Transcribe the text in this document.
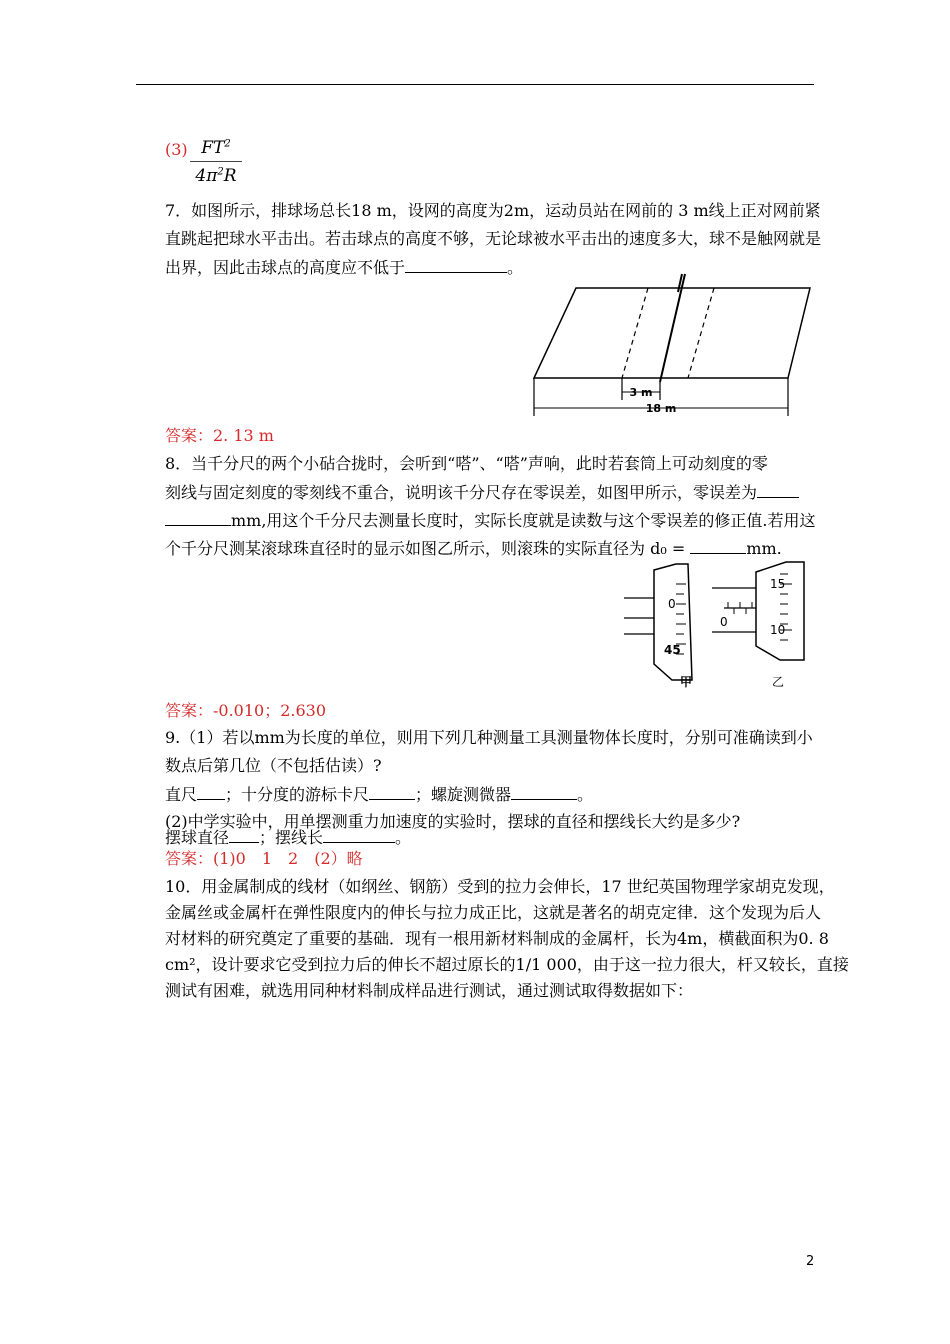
$(3) \frac{FT^2}{4\pi^2R}$
7．如图所示，排球场总长18 m，设网的高度为2m，运动员站在网前的 3 m线上正对网前紧
直跳起把球水平击出。若击球点的高度不够，无论球被水平击出的速度多大，球不是触网就是
出界，因此击球点的高度应不低于	。
3 m
18 m
答案：2. 13 m
8．当千分尺的两个小砧合拢时，会听到“嗒”、“嗒”声响，此时若套筒上可动刻度的零
刻线与固定刻度的零刻线不重合，说明该千分尺存在零误差，如图甲所示，零误差为
mm,用这个千分尺去测量长度时，实际长度就是读数与这个零误差的修正值.若用这
个千分尺测某滚球珠直径时的显示如图乙所示，则滚珠的实际直径为 d₀ =	mm.
0
45
甲
15
10
0
乙
答案：-0.010；2.630
9.（1）若以mm为长度的单位，则用下列几种测量工具测量物体长度时，分别可准确读到小
数点后第几位（不包括估读）?
直尺 ；十分度的游标卡尺	；螺旋测微器	。
(2)中学实验中，用单摆测重力加速度的实验时，摆球的直径和摆线长大约是多少?
摆球直径 ；摆线长	。
答案：(1)0　1　2　(2）略
10．用金属制成的线材（如纲丝、钢筋）受到的拉力会伸长，17 世纪英国物理学家胡克发现，
金属丝或金属杆在弹性限度内的伸长与拉力成正比，这就是著名的胡克定律．这个发现为后人
对材料的研究奠定了重要的基础．现有一根用新材料制成的金属杆，长为4m，横截面积为0. 8
cm²，设计要求它受到拉力后的伸长不超过原长的1/1 000，由于这一拉力很大，杆又较长，直接
测试有困难，就选用同种材料制成样品进行测试，通过测试取得数据如下：
2
